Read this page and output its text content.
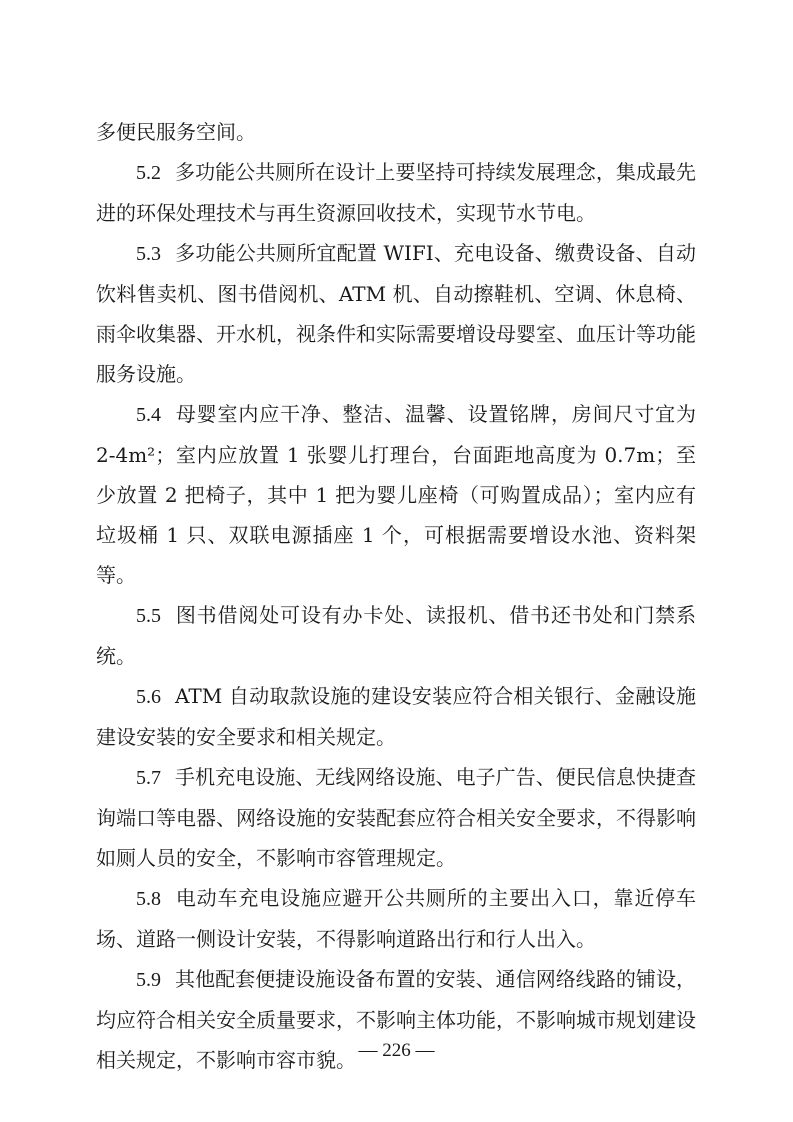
多便民服务空间。

5.2 多功能公共厕所在设计上要坚持可持续发展理念，集成最先进的环保处理技术与再生资源回收技术，实现节水节电。

5.3 多功能公共厕所宜配置 WIFI、充电设备、缴费设备、自动饮料售卖机、图书借阅机、ATM 机、自动擦鞋机、空调、休息椅、雨伞收集器、开水机，视条件和实际需要增设母婴室、血压计等功能服务设施。

5.4 母婴室内应干净、整洁、温馨、设置铭牌，房间尺寸宜为 2-4m²；室内应放置 1 张婴儿打理台，台面距地高度为 0.7m；至少放置 2 把椅子，其中 1 把为婴儿座椅（可购置成品）；室内应有垃圾桶 1 只、双联电源插座 1 个，可根据需要增设水池、资料架等。

5.5 图书借阅处可设有办卡处、读报机、借书还书处和门禁系统。

5.6 ATM 自动取款设施的建设安装应符合相关银行、金融设施建设安装的安全要求和相关规定。

5.7 手机充电设施、无线网络设施、电子广告、便民信息快捷查询端口等电器、网络设施的安装配套应符合相关安全要求，不得影响如厕人员的安全，不影响市容管理规定。

5.8 电动车充电设施应避开公共厕所的主要出入口，靠近停车场、道路一侧设计安装，不得影响道路出行和行人出入。

5.9 其他配套便捷设施设备布置的安装、通信网络线路的铺设，均应符合相关安全质量要求，不影响主体功能，不影响城市规划建设相关规定，不影响市容市貌。 — 226 —
